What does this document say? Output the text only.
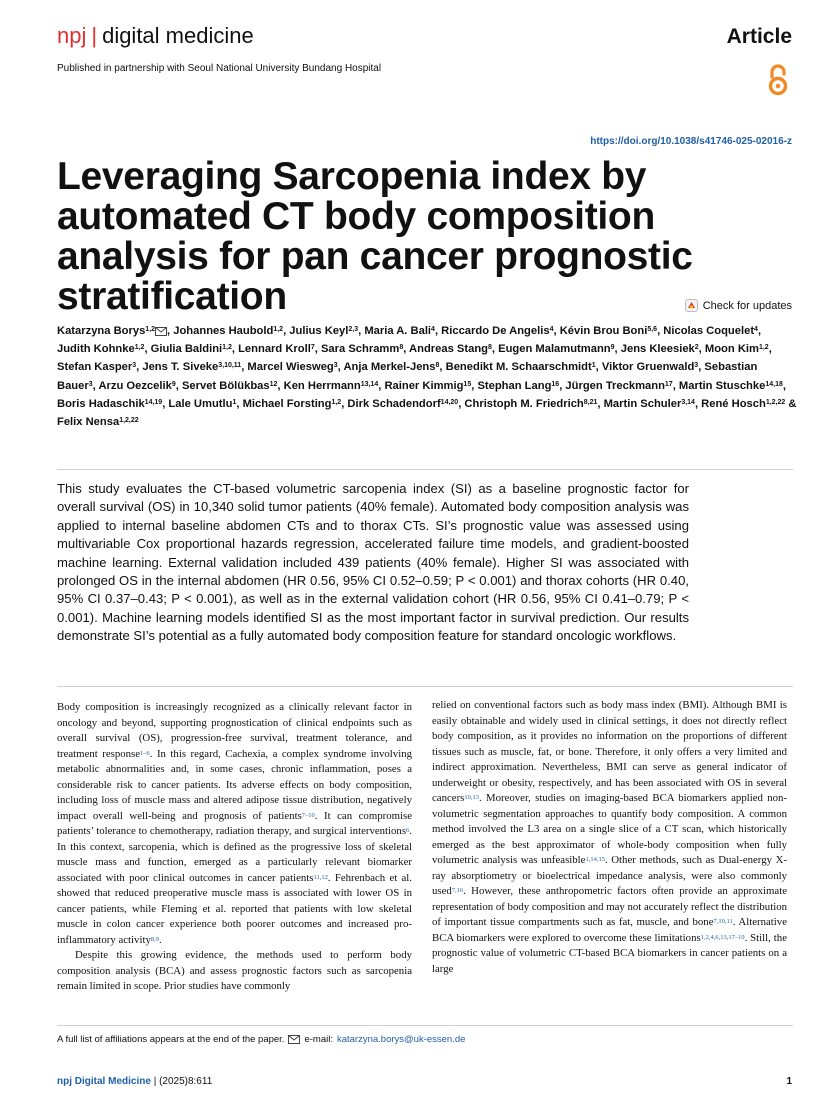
npj | digital medicine	Article
Published in partnership with Seoul National University Bundang Hospital
https://doi.org/10.1038/s41746-025-02016-z
Leveraging Sarcopenia index by automated CT body composition analysis for pan cancer prognostic stratification	Check for updates
Katarzyna Borys$^{1,2}$ , Johannes Haubold$^{1,2}$, Julius Keyl$^{2,3}$, Maria A. Bali$^4$, Riccardo De Angelis$^4$, Kévin Brou Boni$^{5,6}$, Nicolas Coquelet$^4$, Judith Kohnke$^{1,2}$, Giulia Baldini$^{1,2}$, Lennard Kroll$^7$, Sara Schramm$^8$, Andreas Stang$^8$, Eugen Malamutmann$^9$, Jens Kleesiek$^2$, Moon Kim$^{1,2}$, Stefan Kasper$^3$, Jens T. Siveke$^{3,10,11}$, Marcel Wiesweg$^3$, Anja Merkel-Jens$^8$, Benedikt M. Schaarschmidt$^1$, Viktor Gruenwald$^3$, Sebastian Bauer$^3$, Arzu Oezcelik$^9$, Servet Bölükbas$^{12}$, Ken Herrmann$^{13,14}$, Rainer Kimmig$^{15}$, Stephan Lang$^{16}$, Jürgen Treckmann$^{17}$, Martin Stuschke$^{14,18}$, Boris Hadaschik$^{14,19}$, Lale Umutlu$^1$, Michael Forsting$^{1,2}$, Dirk Schadendorf$^{14,20}$, Christoph M. Friedrich$^{8,21}$, Martin Schuler$^{3,14}$, René Hosch$^{1,2,22}$ & Felix Nensa$^{1,2,22}$

This study evaluates the CT-based volumetric sarcopenia index (SI) as a baseline prognostic factor for overall survival (OS) in 10,340 solid tumor patients (40% female). Automated body composition analysis was applied to internal baseline abdomen CTs and to thorax CTs. SI’s prognostic value was assessed using multivariable Cox proportional hazards regression, accelerated failure time models, and gradient-boosted machine learning. External validation included 439 patients (40% female). Higher SI was associated with prolonged OS in the internal abdomen (HR 0.56, 95% CI 0.52–0.59; P < 0.001) and thorax cohorts (HR 0.40, 95% CI 0.37–0.43; P < 0.001), as well as in the external validation cohort (HR 0.56, 95% CI 0.41–0.79; P < 0.001). Machine learning models identified SI as the most important factor in survival prediction. Our results demonstrate SI’s potential as a fully automated body composition feature for standard oncologic workflows.

Body composition is increasingly recognized as a clinically relevant factor in oncology and beyond, supporting prognostication of clinical endpoints such as overall survival (OS), progression-free survival, treatment tolerance, and treatment response$^{1-6}$. In this regard, Cachexia, a complex syndrome involving metabolic abnormalities and, in some cases, chronic inflammation, poses a considerable risk to cancer patients. Its adverse effects on body composition, including loss of muscle mass and altered adipose tissue distribution, negatively impact overall well-being and prognosis of patients$^{7-10}$. It can compromise patients’ tolerance to chemotherapy, radiation therapy, and surgical interventions$^6$. In this context, sarcopenia, which is defined as the progressive loss of skeletal muscle mass and function, emerged as a particularly relevant biomarker associated with poor clinical outcomes in cancer patients$^{11,12}$. Fehrenbach et al. showed that reduced preoperative muscle mass is associated with lower OS in cancer patients, while Fleming et al. reported that patients with low skeletal muscle in colon cancer experience both poorer outcomes and increased pro-inflammatory activity$^{8,9}$.

Despite this growing evidence, the methods used to perform body composition analysis (BCA) and assess prognostic factors such as sarcopenia remain limited in scope. Prior studies have commonly

relied on conventional factors such as body mass index (BMI). Although BMI is easily obtainable and widely used in clinical settings, it does not directly reflect body composition, as it provides no information on the proportions of different tissues such as muscle, fat, or bone. Therefore, it only offers a very limited and indirect approximation. Nevertheless, BMI can serve as general indicator of underweight or obesity, respectively, and has been associated with OS in several cancers$^{10,13}$. Moreover, studies on imaging-based BCA biomarkers applied non-volumetric segmentation approaches to quantify body composition. A common method involved the L3 area on a single slice of a CT scan, which historically emerged as the best approximator of whole-body composition when fully volumetric analysis was unfeasible$^{1,14,15}$. Other methods, such as Dual-energy X-ray absorptiometry or bioelectrical impedance analysis, were also commonly used$^{7,16}$. However, these anthropometric factors often provide an approximate representation of body composition and may not accurately reflect the distribution of important tissue compartments such as fat, muscle, and bone$^{7,10,11}$. Alternative BCA biomarkers were explored to overcome these limitations$^{1,2,4,6,13,17-19}$. Still, the prognostic value of volumetric CT-based BCA biomarkers in cancer patients on a large

A full list of affiliations appears at the end of the paper. e-mail: katarzyna.borys@uk-essen.de
npj Digital Medicine | (2025)8:611	1
